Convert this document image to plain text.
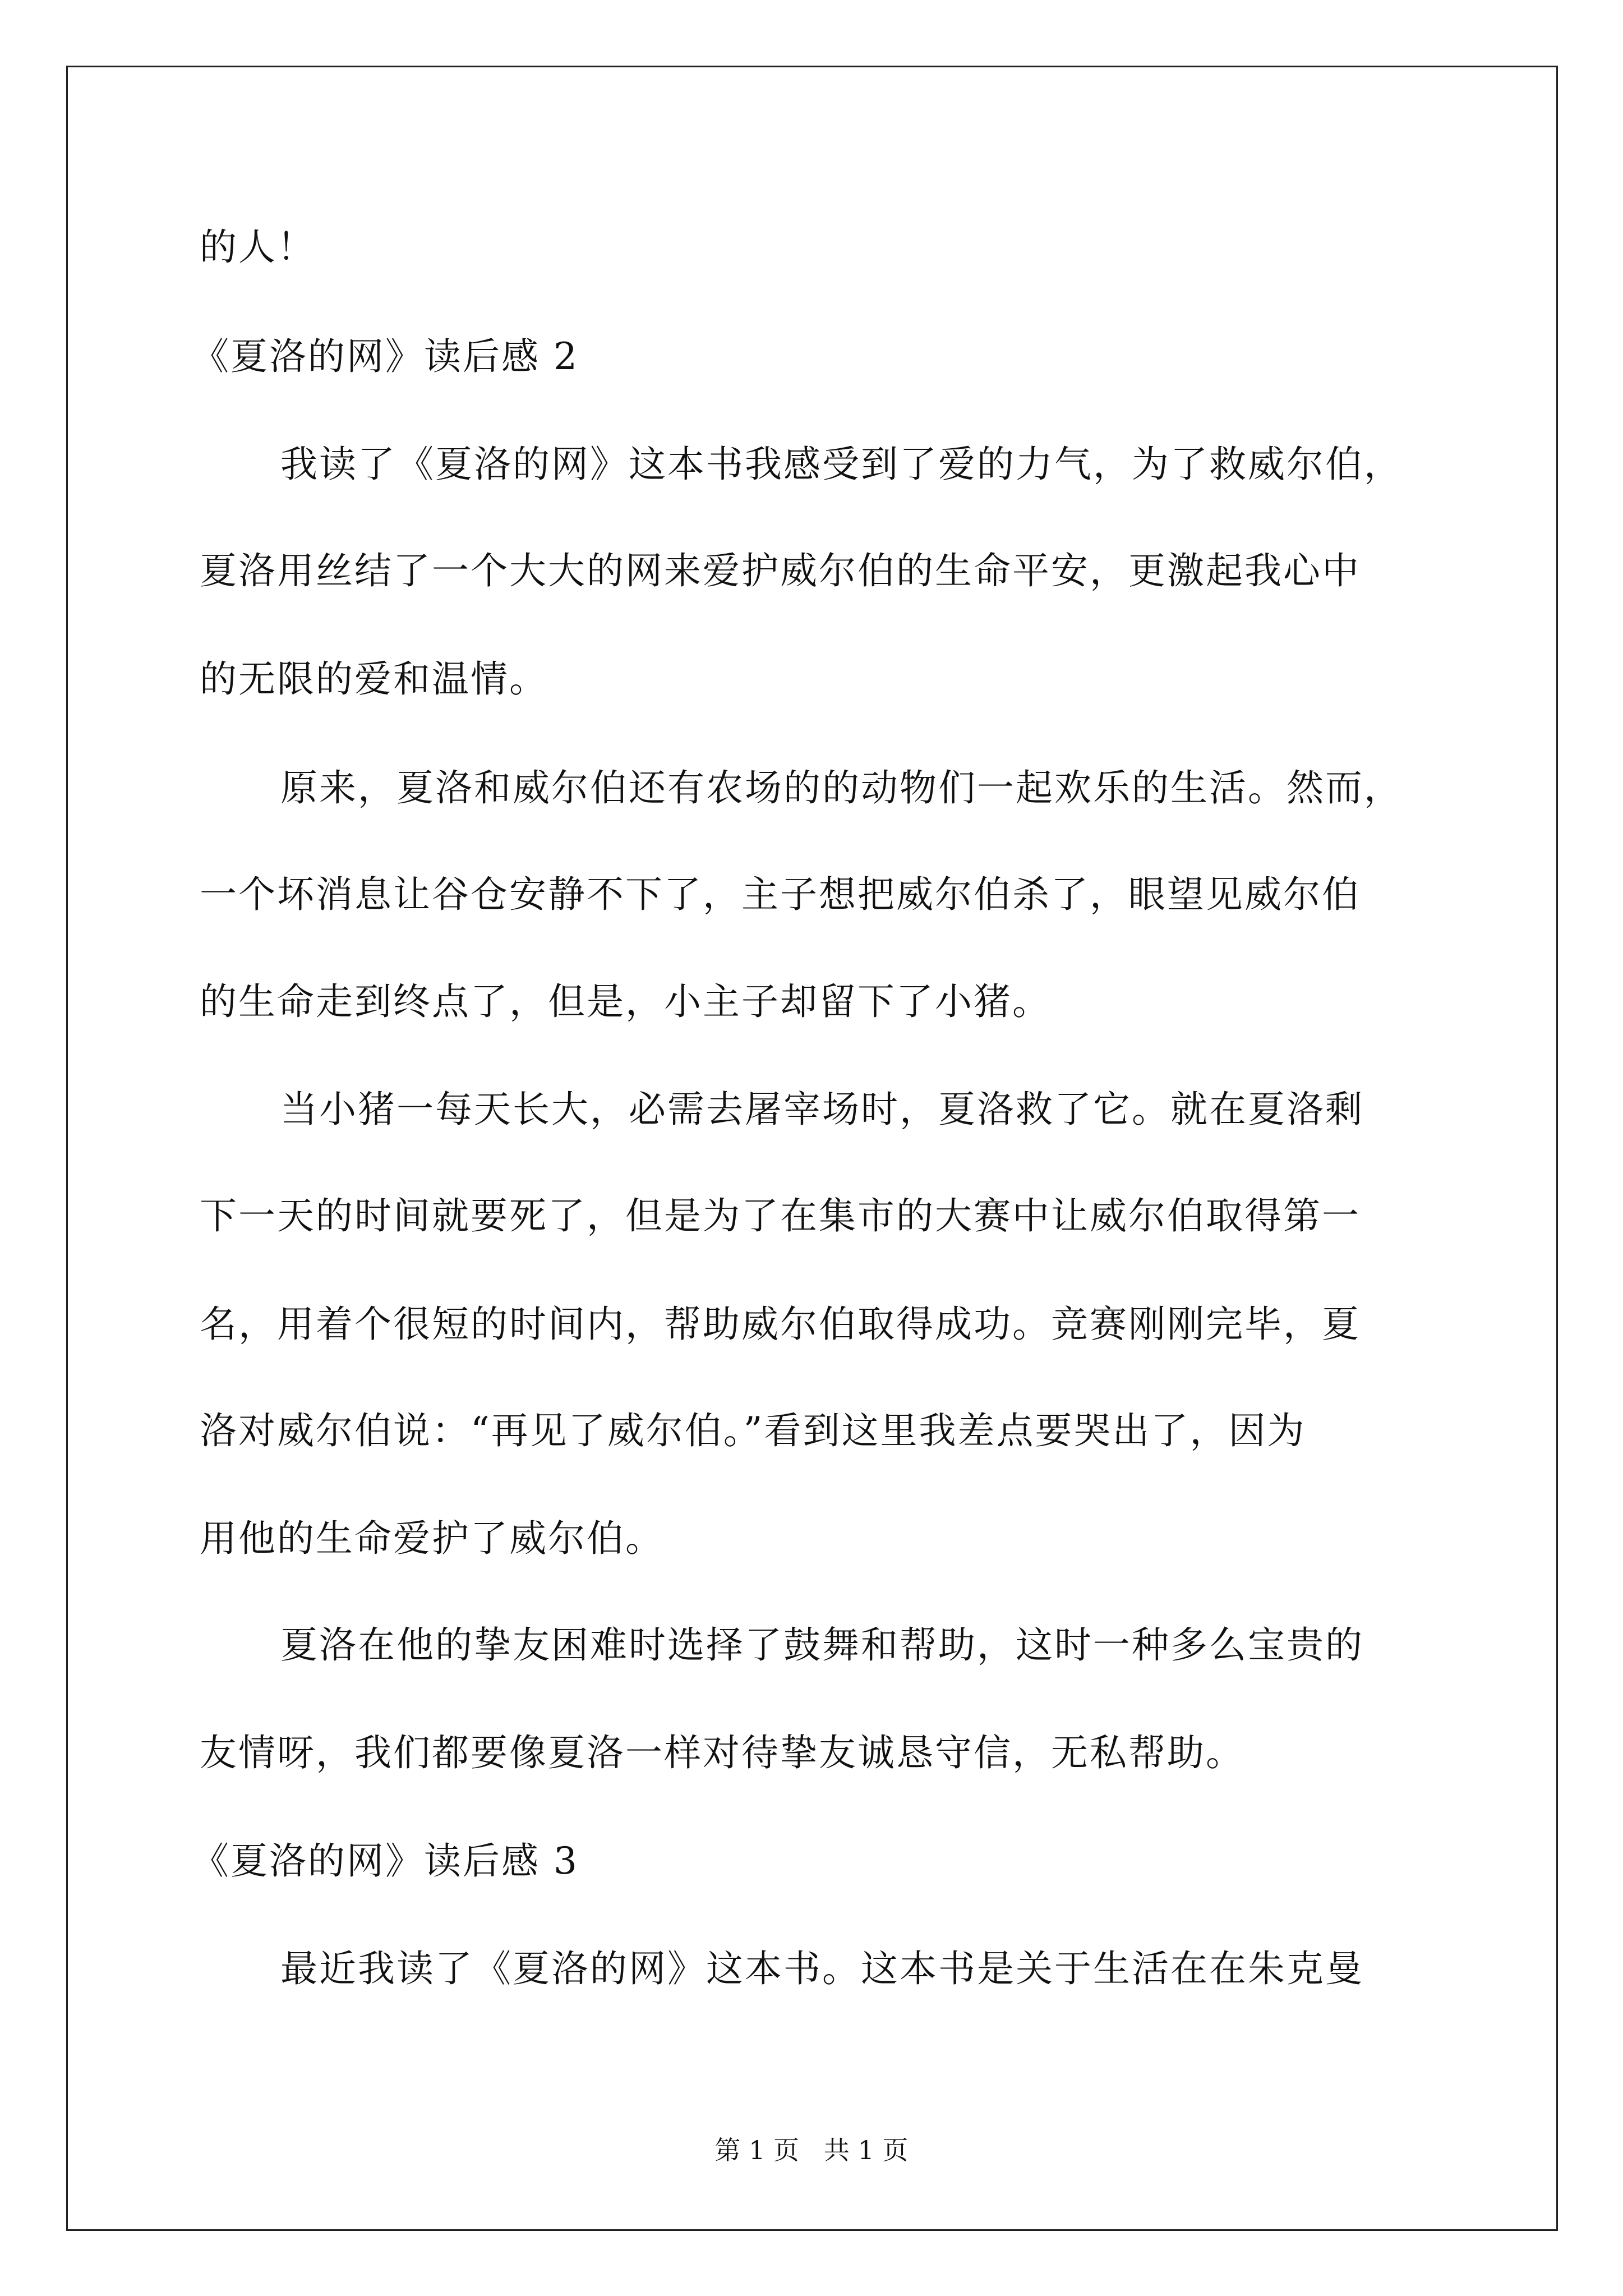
的人！
《夏洛的网》读后感 2
我读了《夏洛的网》这本书我感受到了爱的力气，为了救威尔伯，
夏洛用丝结了一个大大的网来爱护威尔伯的生命平安，更激起我心中
的无限的爱和温情。
原来，夏洛和威尔伯还有农场的的动物们一起欢乐的生活。然而，
一个坏消息让谷仓安静不下了，主子想把威尔伯杀了，眼望见威尔伯
的生命走到终点了，但是，小主子却留下了小猪。
当小猪一每天长大，必需去屠宰场时，夏洛救了它。就在夏洛剩
下一天的时间就要死了，但是为了在集市的大赛中让威尔伯取得第一
名，用着个很短的时间内，帮助威尔伯取得成功。竞赛刚刚完毕，夏
洛对威尔伯说：“再见了威尔伯。”看到这里我差点要哭出了，因为
用他的生命爱护了威尔伯。
夏洛在他的挚友困难时选择了鼓舞和帮助，这时一种多么宝贵的
友情呀，我们都要像夏洛一样对待挚友诚恳守信，无私帮助。
《夏洛的网》读后感 3
最近我读了《夏洛的网》这本书。这本书是关于生活在在朱克曼
第 1 页   共 1 页
